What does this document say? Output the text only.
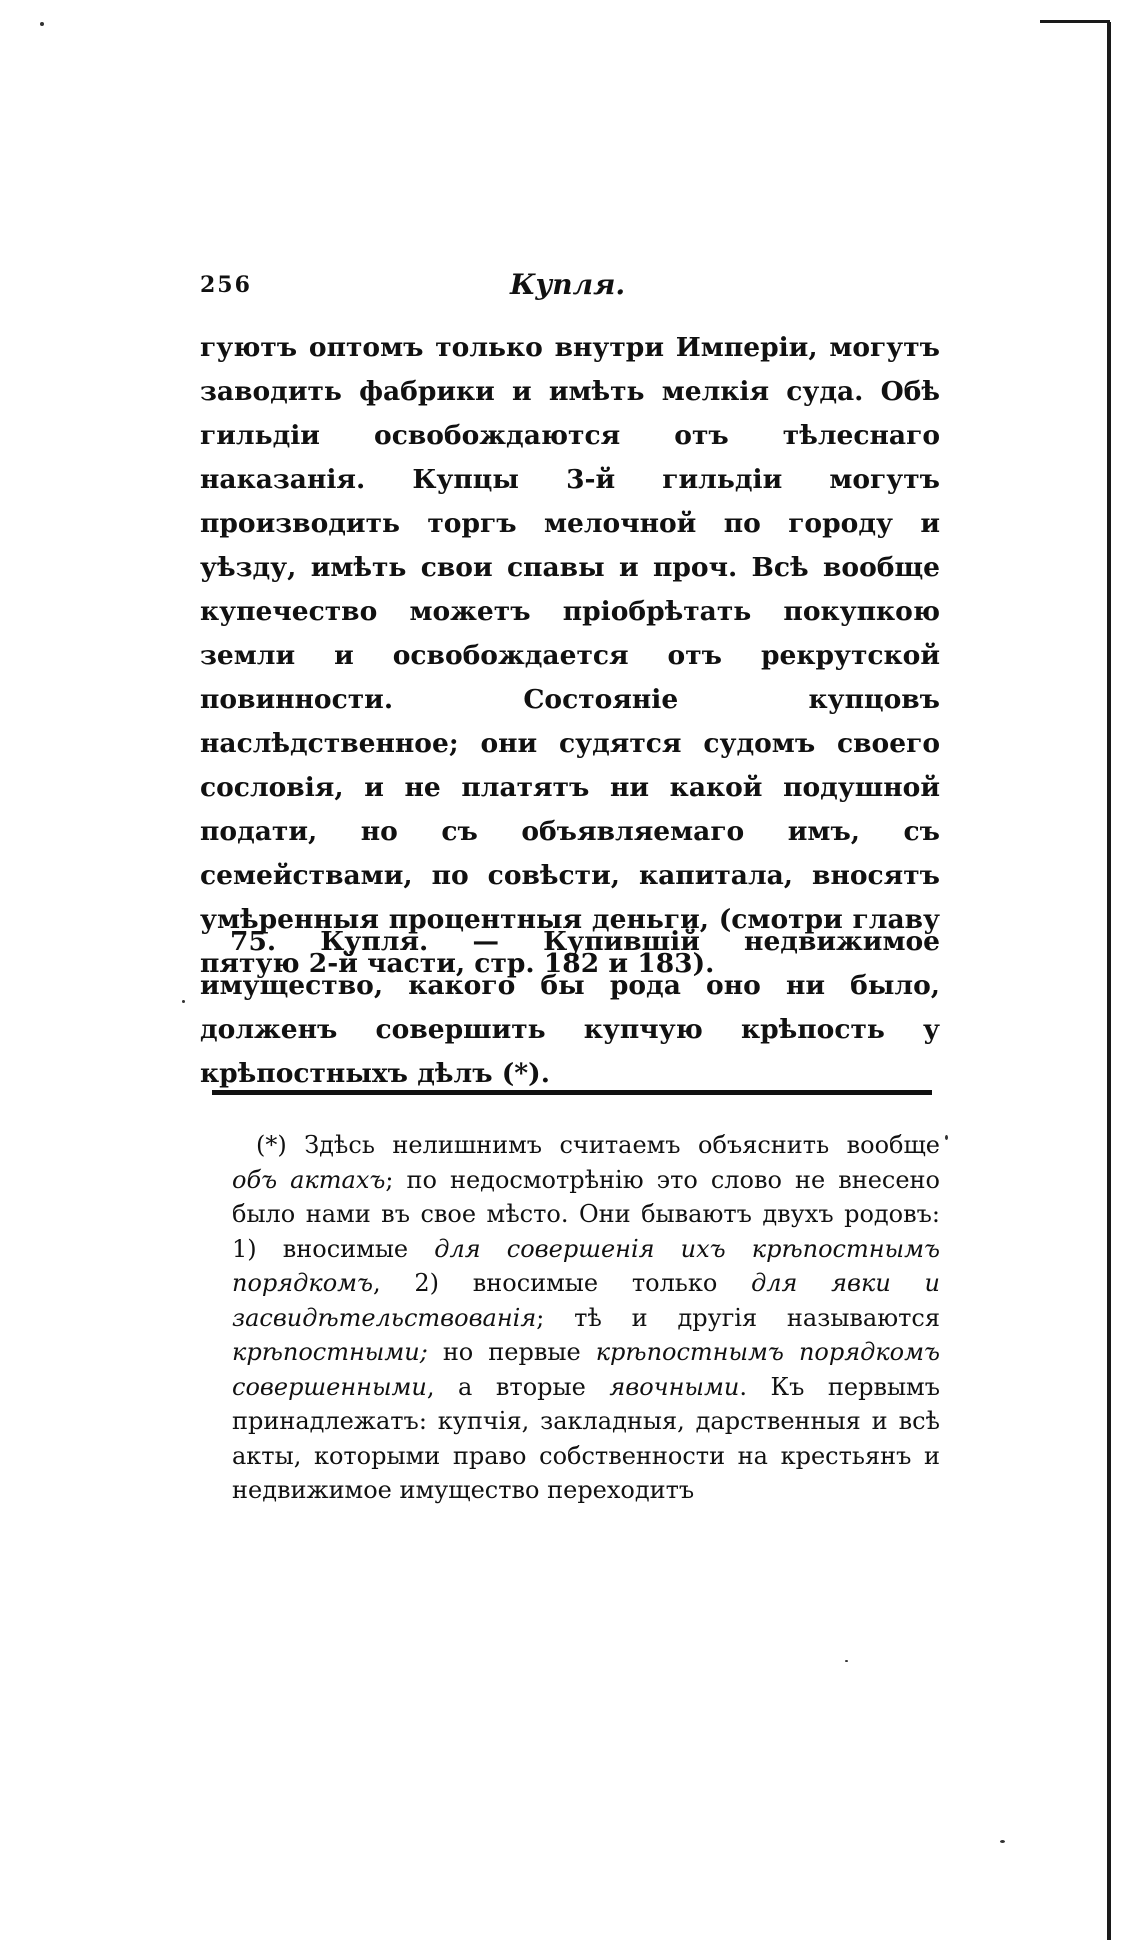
256	Купля.

гуютъ оптомъ только внутри Имперіи, могутъ заводить фабрики и имѣть мелкія суда. Обѣ гильдіи освобождаются отъ тѣлеснаго наказанія. Купцы 3-й гильдіи могутъ производить торгъ мелочной по городу и уѣзду, имѣть свои спавы и проч. Всѣ вообще купечество можетъ пріобрѣтать покупкою земли и освобождается отъ рекрутской повинности. Состояніе купцовъ наслѣдственное; они судятся судомъ своего сословія, и не платятъ ни какой подушной подати, но съ объявляемаго имъ, съ семействами, по совѣсти, капитала, вносятъ умѣренныя процентныя деньги, (смотри главу пятую 2-й части, стр. 182 и 183).

75. Купля. — Купившій недвижимое имущество, какого бы рода оно ни было, долженъ совершить купчую крѣпость у крѣпостныхъ дѣлъ (*).

(*) Здѣсь нелишнимъ считаемъ объяснить вообще объ актахъ; по недосмотрѣнію это слово не внесено было нами въ свое мѣсто. Они бываютъ двухъ родовъ: 1) вносимые для совершенія ихъ крѣпостнымъ порядкомъ, 2) вносимые только для явки и засвидѣтельствованія; тѣ и другія называются крѣпостными; но первые крѣпостнымъ порядкомъ совершенными, а вторые явочными. Къ первымъ принадлежатъ: купчія, закладныя, дарственныя и всѣ акты, которыми право собственности на крестьянъ и недвижимое имущество переходитъ
